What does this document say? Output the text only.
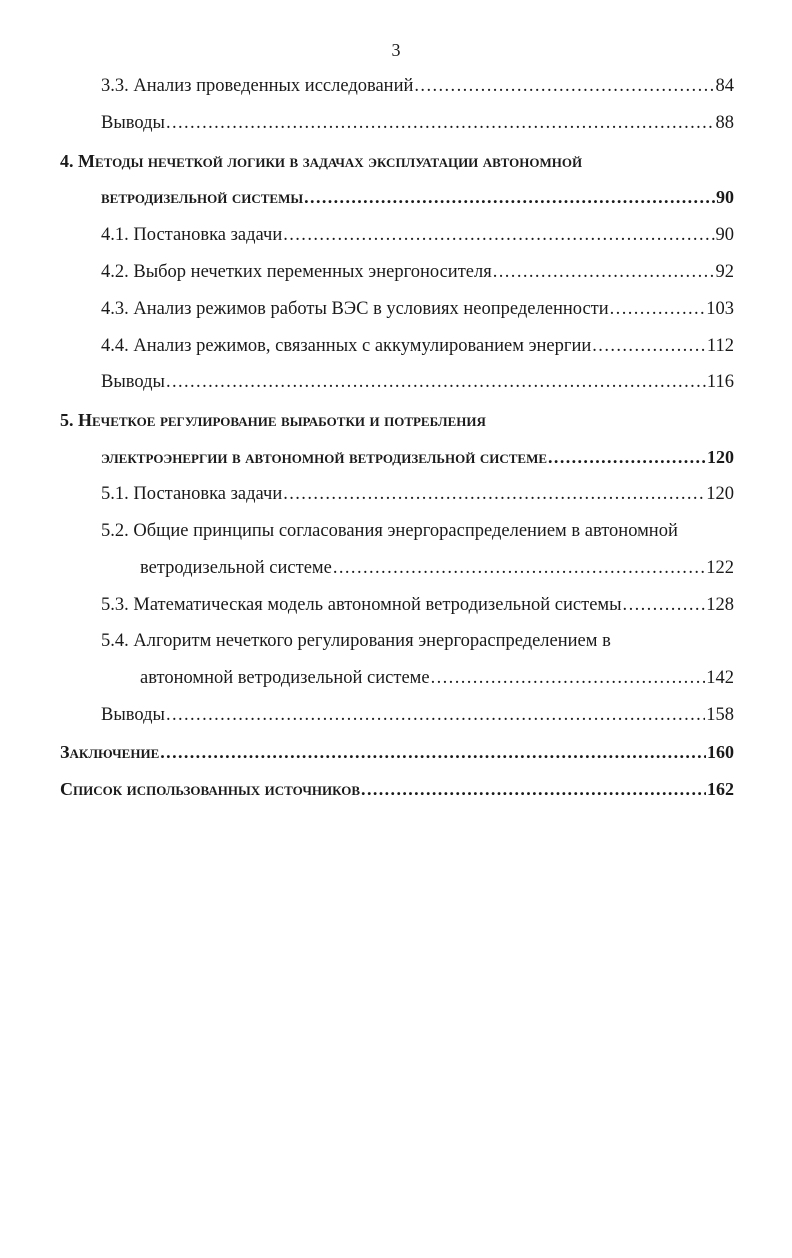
3
3.3. Анализ проведенных исследований .....	84
Выводы .....	88
4. Методы нечеткой логики в задачах эксплуатации автономной
ветродизельной системы .....	90
4.1. Постановка задачи .....	90
4.2. Выбор нечетких переменных энергоносителя .....	92
4.3. Анализ режимов работы ВЭС в условиях неопределенности .....	103
4.4. Анализ режимов, связанных с аккумулированием энергии .....	112
Выводы .....	116
5. Нечеткое регулирование выработки и потребления
электроэнергии в автономной ветродизельной системе .....	120
5.1. Постановка задачи .....	120
5.2. Общие принципы согласования энергораспределением в автономной
ветродизельной системе .....	122
5.3. Математическая модель автономной ветродизельной системы .....	128
5.4. Алгоритм нечеткого регулирования энергораспределением в
автономной ветродизельной системе .....	142
Выводы .....	158
Заключение .....	160
Список использованных источников .....	162
